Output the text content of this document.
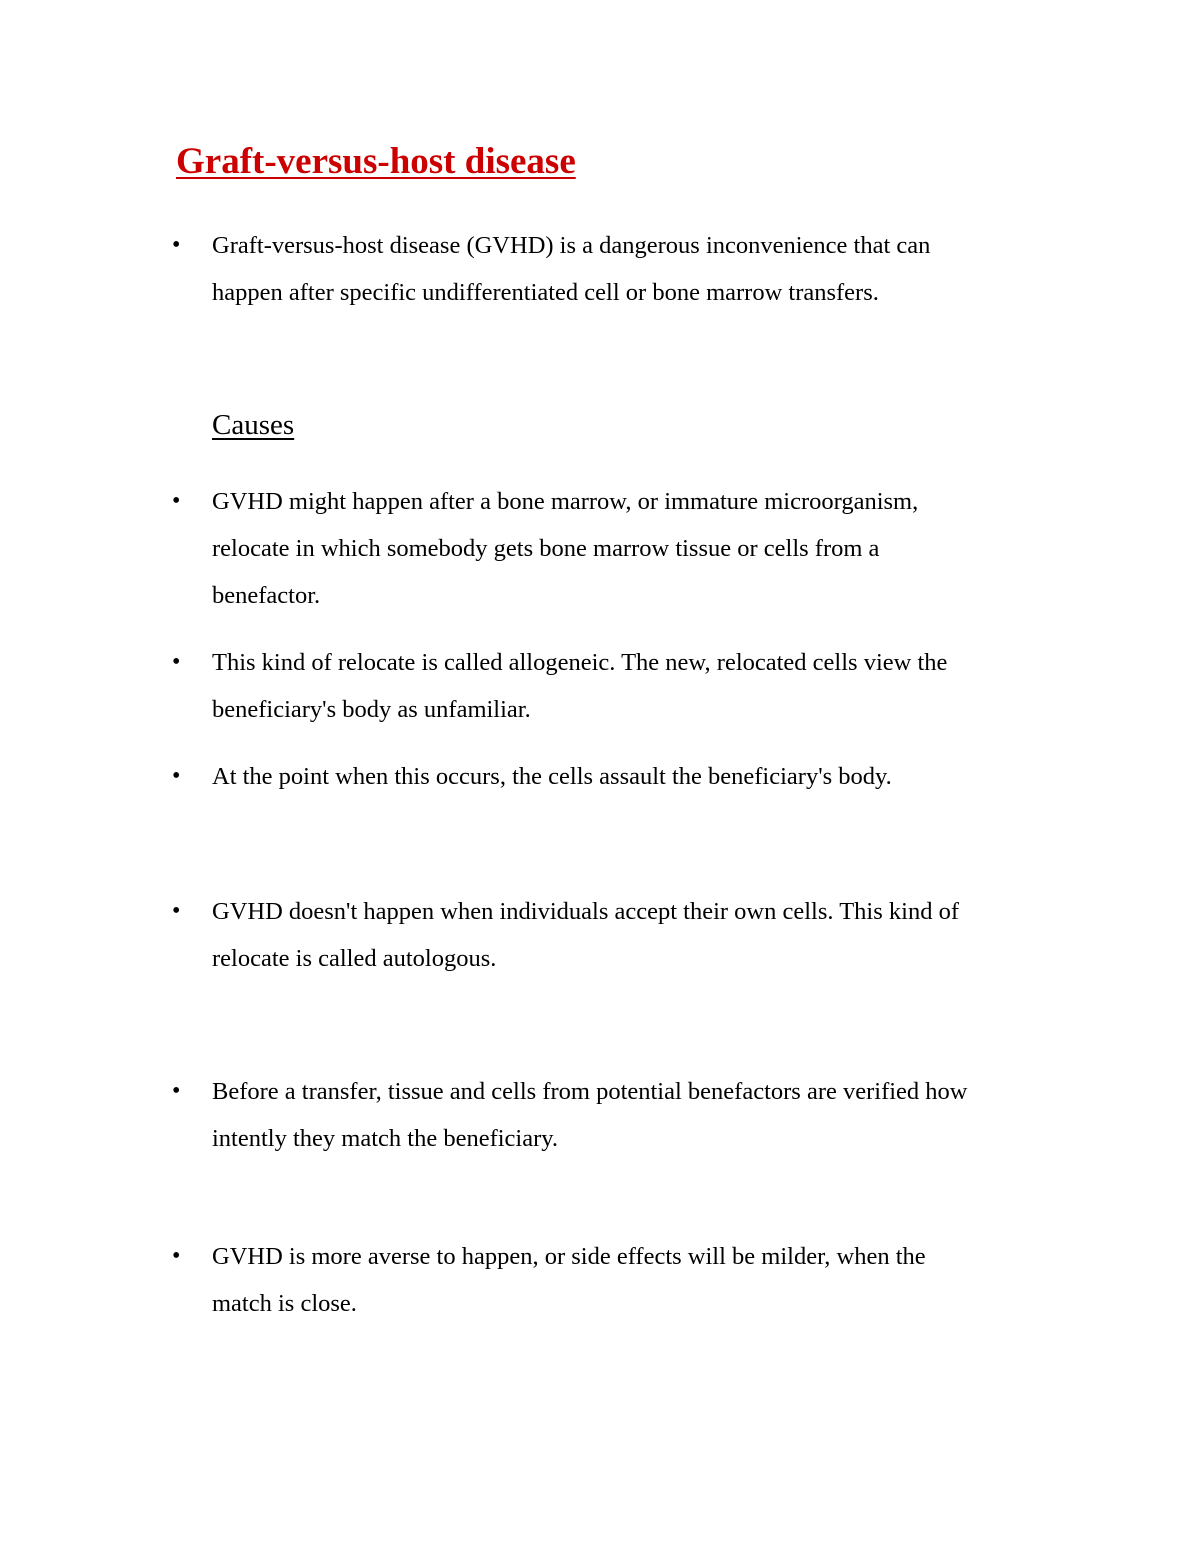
Graft-versus-host disease
•	Graft-versus-host disease (GVHD) is a dangerous inconvenience that can
happen after specific undifferentiated cell or bone marrow transfers.
Causes
•	GVHD might happen after a bone marrow, or immature microorganism,
relocate in which somebody gets bone marrow tissue or cells from a
benefactor.
•	This kind of relocate is called allogeneic. The new, relocated cells view the
beneficiary's body as unfamiliar.
•	At the point when this occurs, the cells assault the beneficiary's body.
•	GVHD doesn't happen when individuals accept their own cells. This kind of
relocate is called autologous.
•	Before a transfer, tissue and cells from potential benefactors are verified how
intently they match the beneficiary.
•	GVHD is more averse to happen, or side effects will be milder, when the
match is close.
